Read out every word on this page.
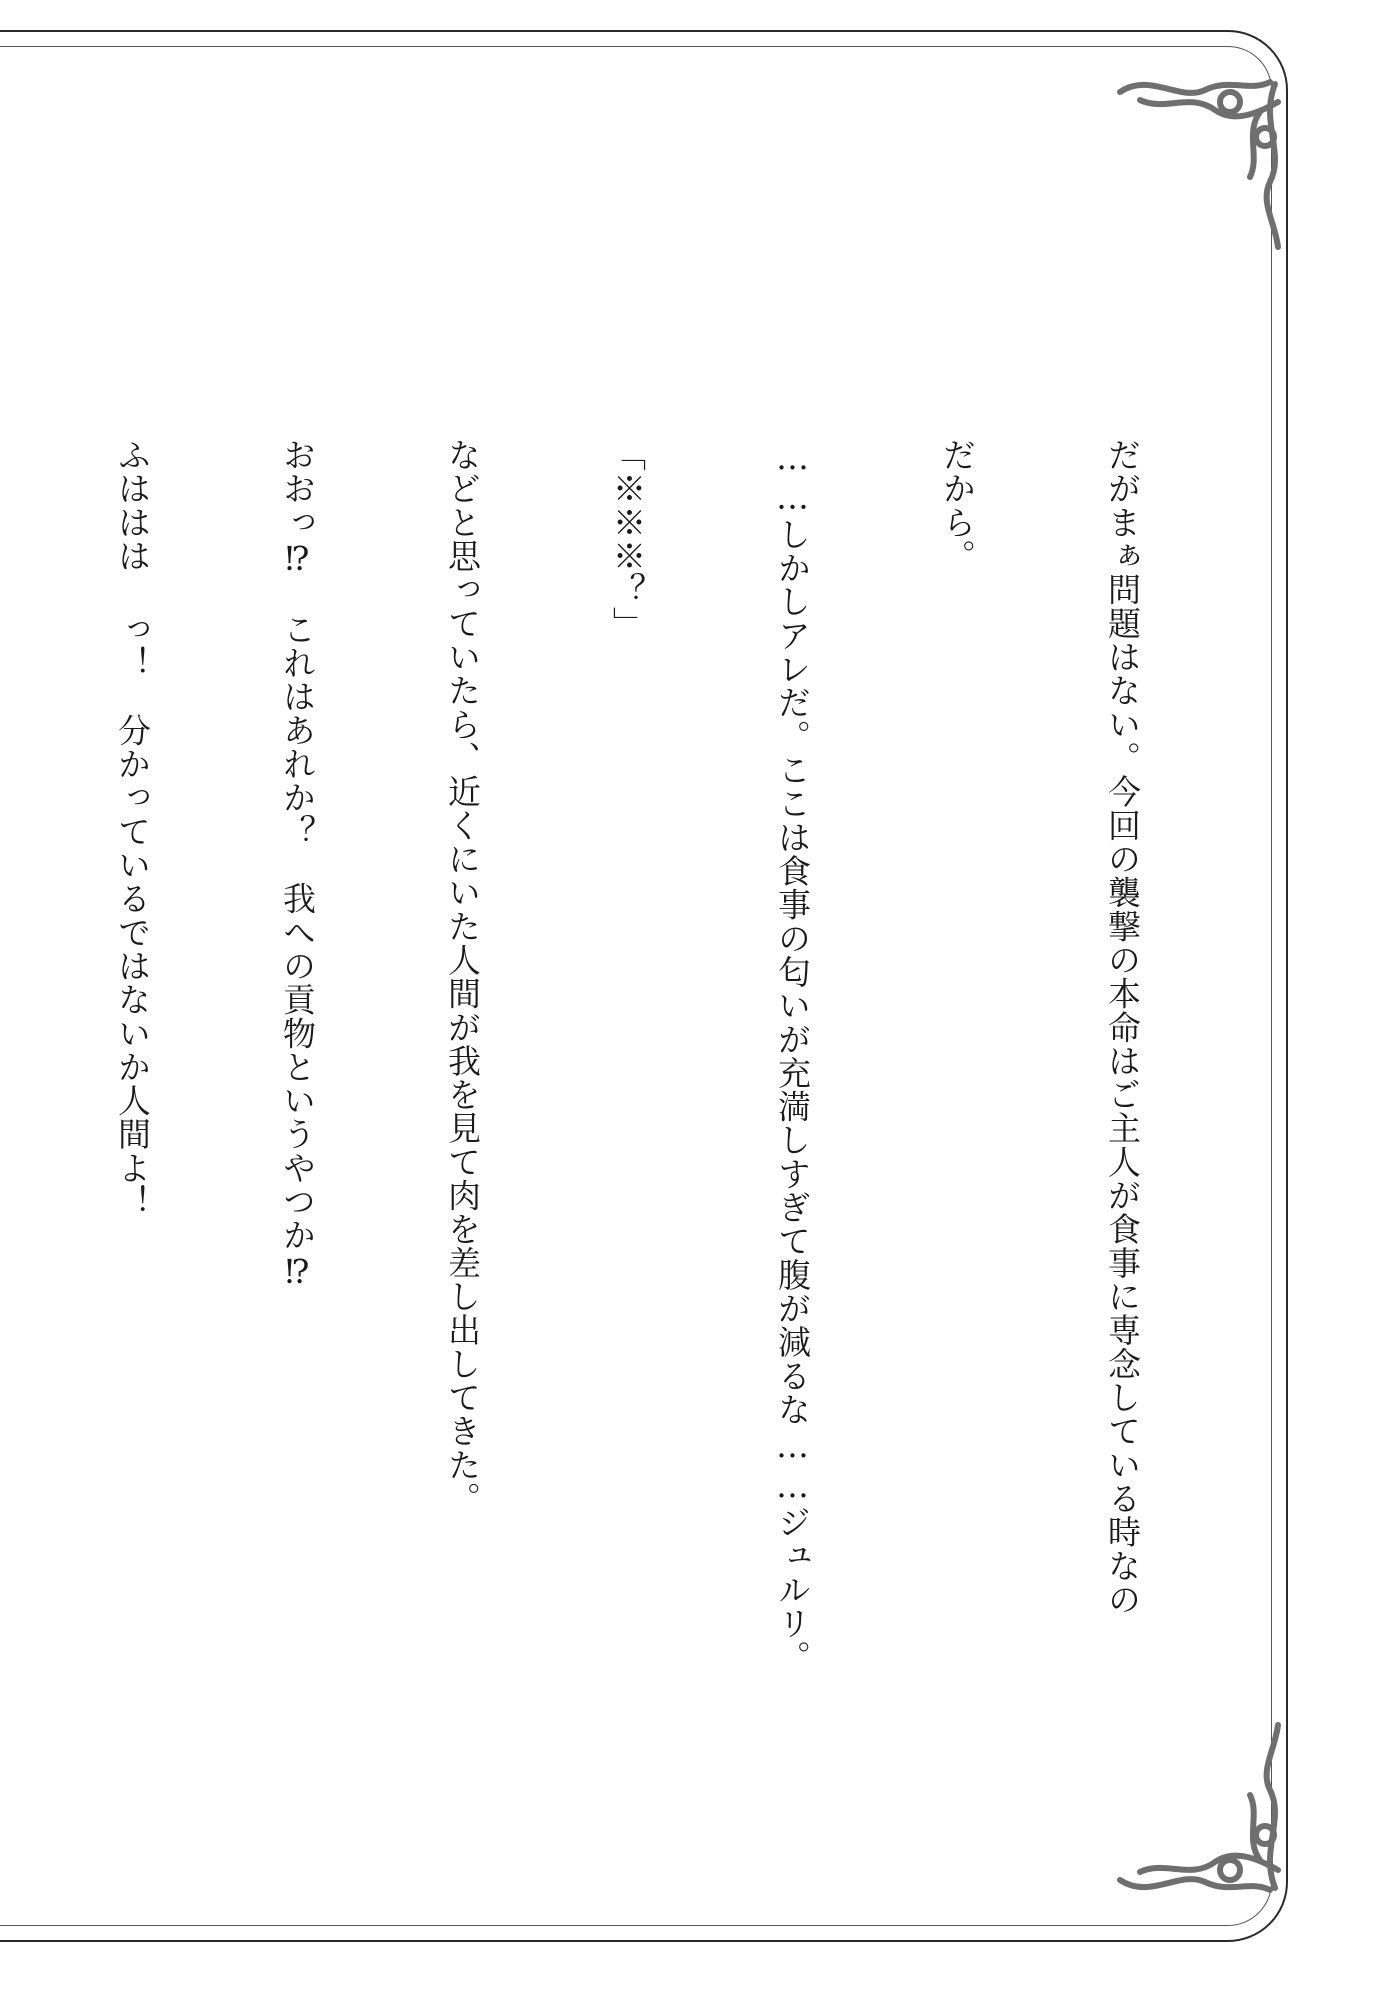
だがまぁ問題はない。今回の襲撃の本命はご主人が食事に専念している時なの

だから。

……しかしアレだ。ここは食事の匂いが充満しすぎて腹が減るな……ジュルリ。

「※※※？」

などと思っていたら、近くにいた人間が我を見て肉を差し出してきた。

おおっ⁉　これはあれか？　我への貢物というやつか⁉

ふははは っ！　分かっているではないか人間よ！
